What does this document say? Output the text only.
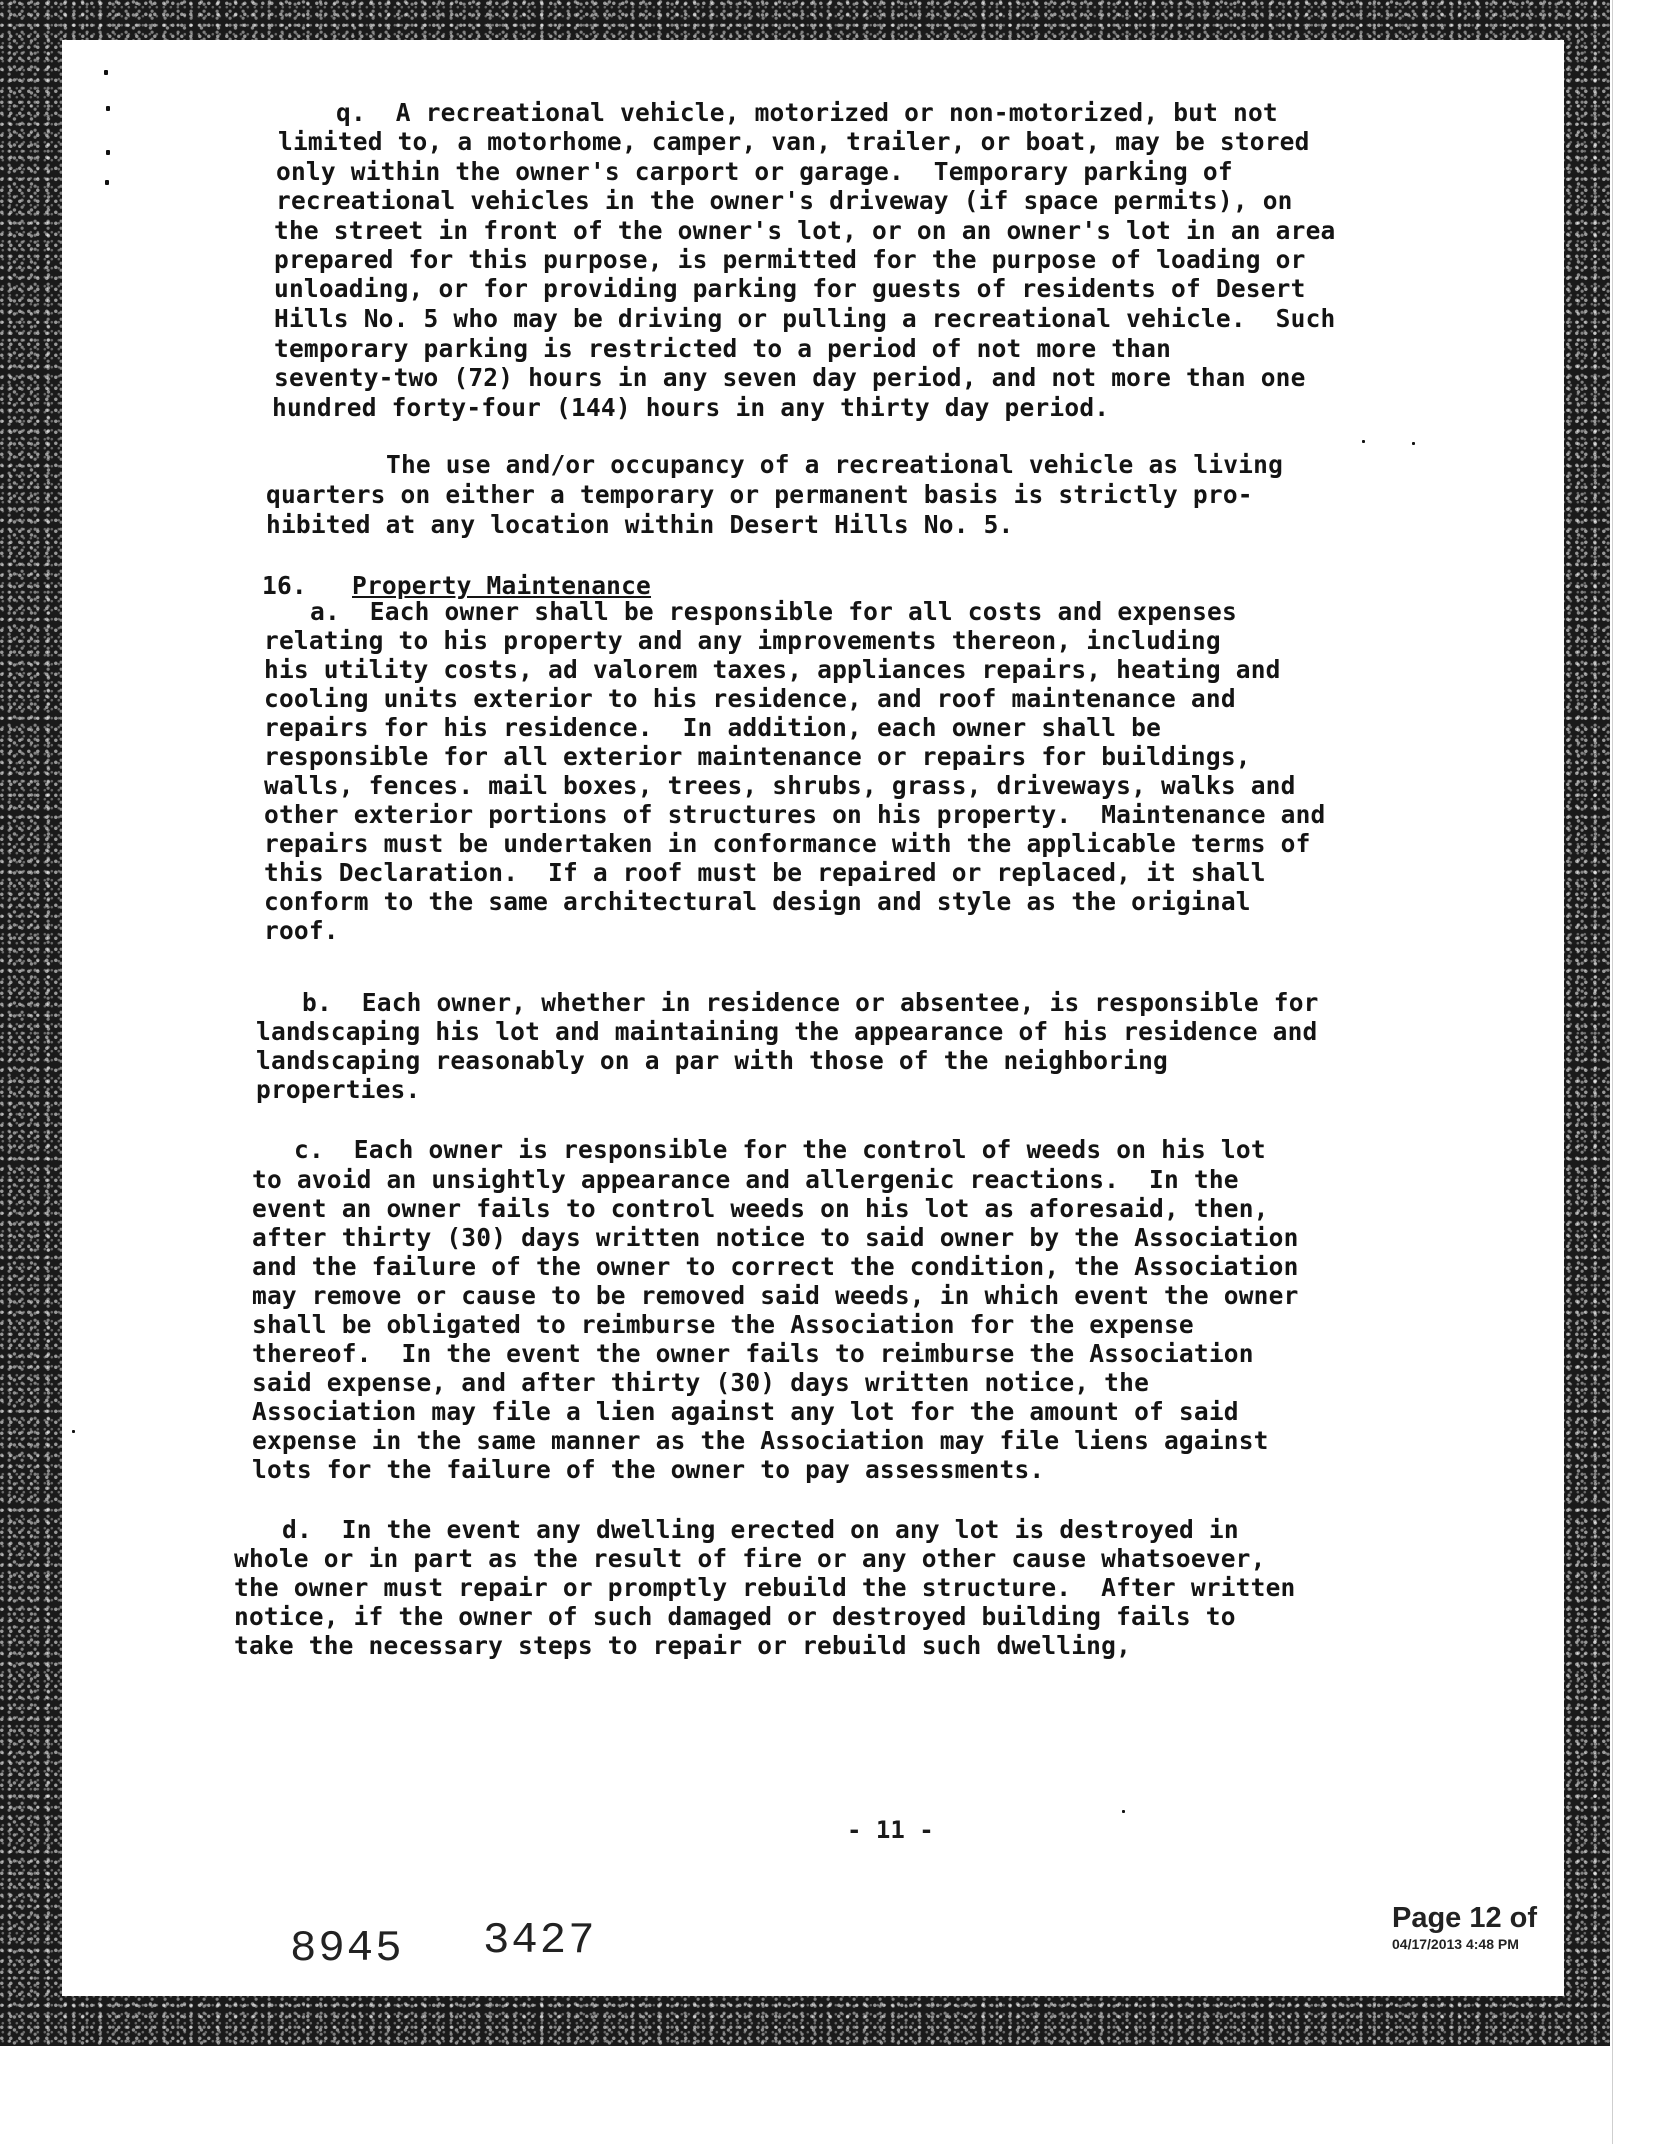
q.  A recreational vehicle, motorized or non-motorized, but not
limited to, a motorhome, camper, van, trailer, or boat, may be stored
only within the owner's carport or garage.  Temporary parking of
recreational vehicles in the owner's driveway (if space permits), on
the street in front of the owner's lot, or on an owner's lot in an area
prepared for this purpose, is permitted for the purpose of loading or
unloading, or for providing parking for guests of residents of Desert
Hills No. 5 who may be driving or pulling a recreational vehicle.  Such
temporary parking is restricted to a period of not more than
seventy-two (72) hours in any seven day period, and not more than one
hundred forty-four (144) hours in any thirty day period.
The use and/or occupancy of a recreational vehicle as living
quarters on either a temporary or permanent basis is strictly pro-
hibited at any location within Desert Hills No. 5.
16. Property Maintenance
a.  Each owner shall be responsible for all costs and expenses
relating to his property and any improvements thereon, including
his utility costs, ad valorem taxes, appliances repairs, heating and
cooling units exterior to his residence, and roof maintenance and
repairs for his residence.  In addition, each owner shall be
responsible for all exterior maintenance or repairs for buildings,
walls, fences. mail boxes, trees, shrubs, grass, driveways, walks and
other exterior portions of structures on his property.  Maintenance and
repairs must be undertaken in conformance with the applicable terms of
this Declaration.  If a roof must be repaired or replaced, it shall
conform to the same architectural design and style as the original
roof.
b.  Each owner, whether in residence or absentee, is responsible for
landscaping his lot and maintaining the appearance of his residence and
landscaping reasonably on a par with those of the neighboring
properties.
c.  Each owner is responsible for the control of weeds on his lot
to avoid an unsightly appearance and allergenic reactions.  In the
event an owner fails to control weeds on his lot as aforesaid, then,
after thirty (30) days written notice to said owner by the Association
and the failure of the owner to correct the condition, the Association
may remove or cause to be removed said weeds, in which event the owner
shall be obligated to reimburse the Association for the expense
thereof.  In the event the owner fails to reimburse the Association
said expense, and after thirty (30) days written notice, the
Association may file a lien against any lot for the amount of said
expense in the same manner as the Association may file liens against
lots for the failure of the owner to pay assessments.
d.  In the event any dwelling erected on any lot is destroyed in
whole or in part as the result of fire or any other cause whatsoever,
the owner must repair or promptly rebuild the structure.  After written
notice, if the owner of such damaged or destroyed building fails to
take the necessary steps to repair or rebuild such dwelling,
- 11 -
8945 3427	Page 12 of
04/17/2013 4:48 PM
